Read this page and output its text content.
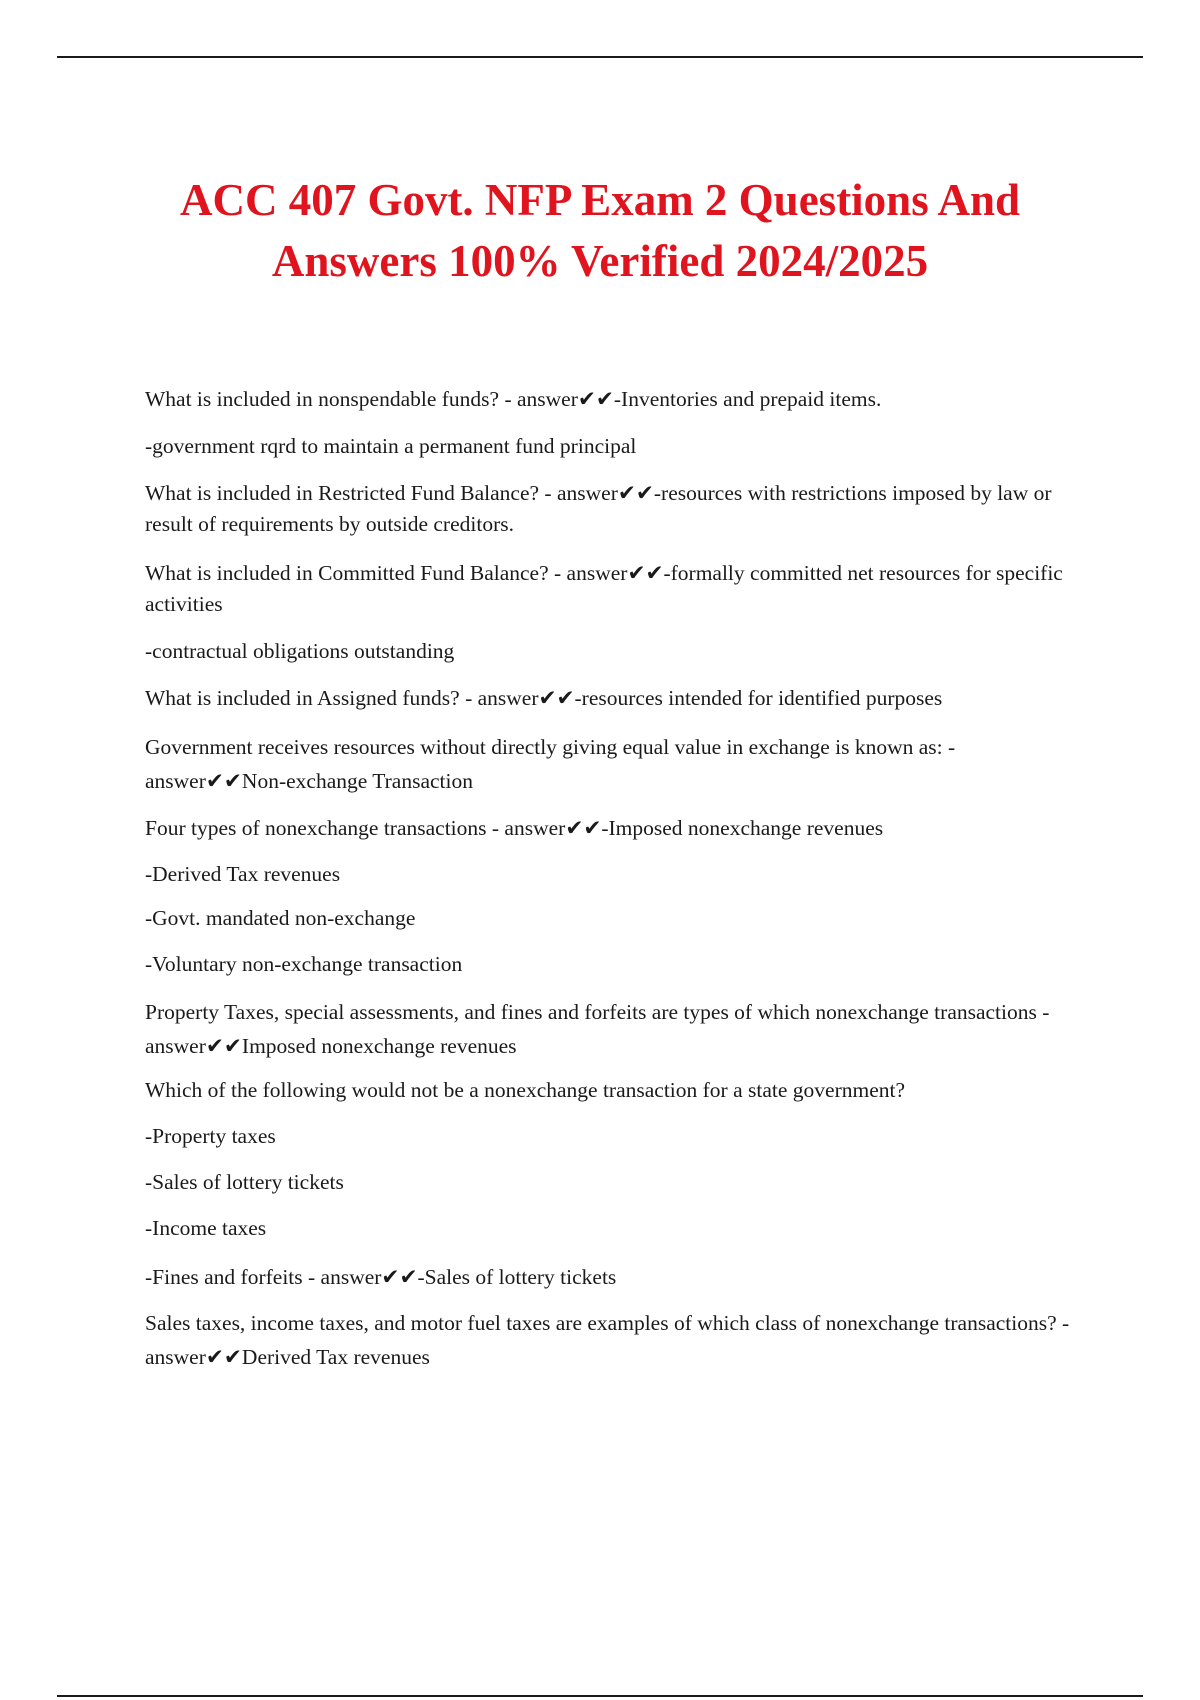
ACC 407 Govt. NFP Exam 2 Questions And Answers 100% Verified 2024/2025

What is included in nonspendable funds? - answer✔✔-Inventories and prepaid items.

-government rqrd to maintain a permanent fund principal

What is included in Restricted Fund Balance? - answer✔✔-resources with restrictions imposed by law or result of requirements by outside creditors.

What is included in Committed Fund Balance? - answer✔✔-formally committed net resources for specific activities

-contractual obligations outstanding

What is included in Assigned funds? - answer✔✔-resources intended for identified purposes

Government receives resources without directly giving equal value in exchange is known as: - answer✔✔Non-exchange Transaction

Four types of nonexchange transactions - answer✔✔-Imposed nonexchange revenues

-Derived Tax revenues

-Govt. mandated non-exchange

-Voluntary non-exchange transaction

Property Taxes, special assessments, and fines and forfeits are types of which nonexchange transactions - answer✔✔Imposed nonexchange revenues

Which of the following would not be a nonexchange transaction for a state government?

-Property taxes

-Sales of lottery tickets

-Income taxes

-Fines and forfeits - answer✔✔-Sales of lottery tickets

Sales taxes, income taxes, and motor fuel taxes are examples of which class of nonexchange transactions? - answer✔✔Derived Tax revenues
